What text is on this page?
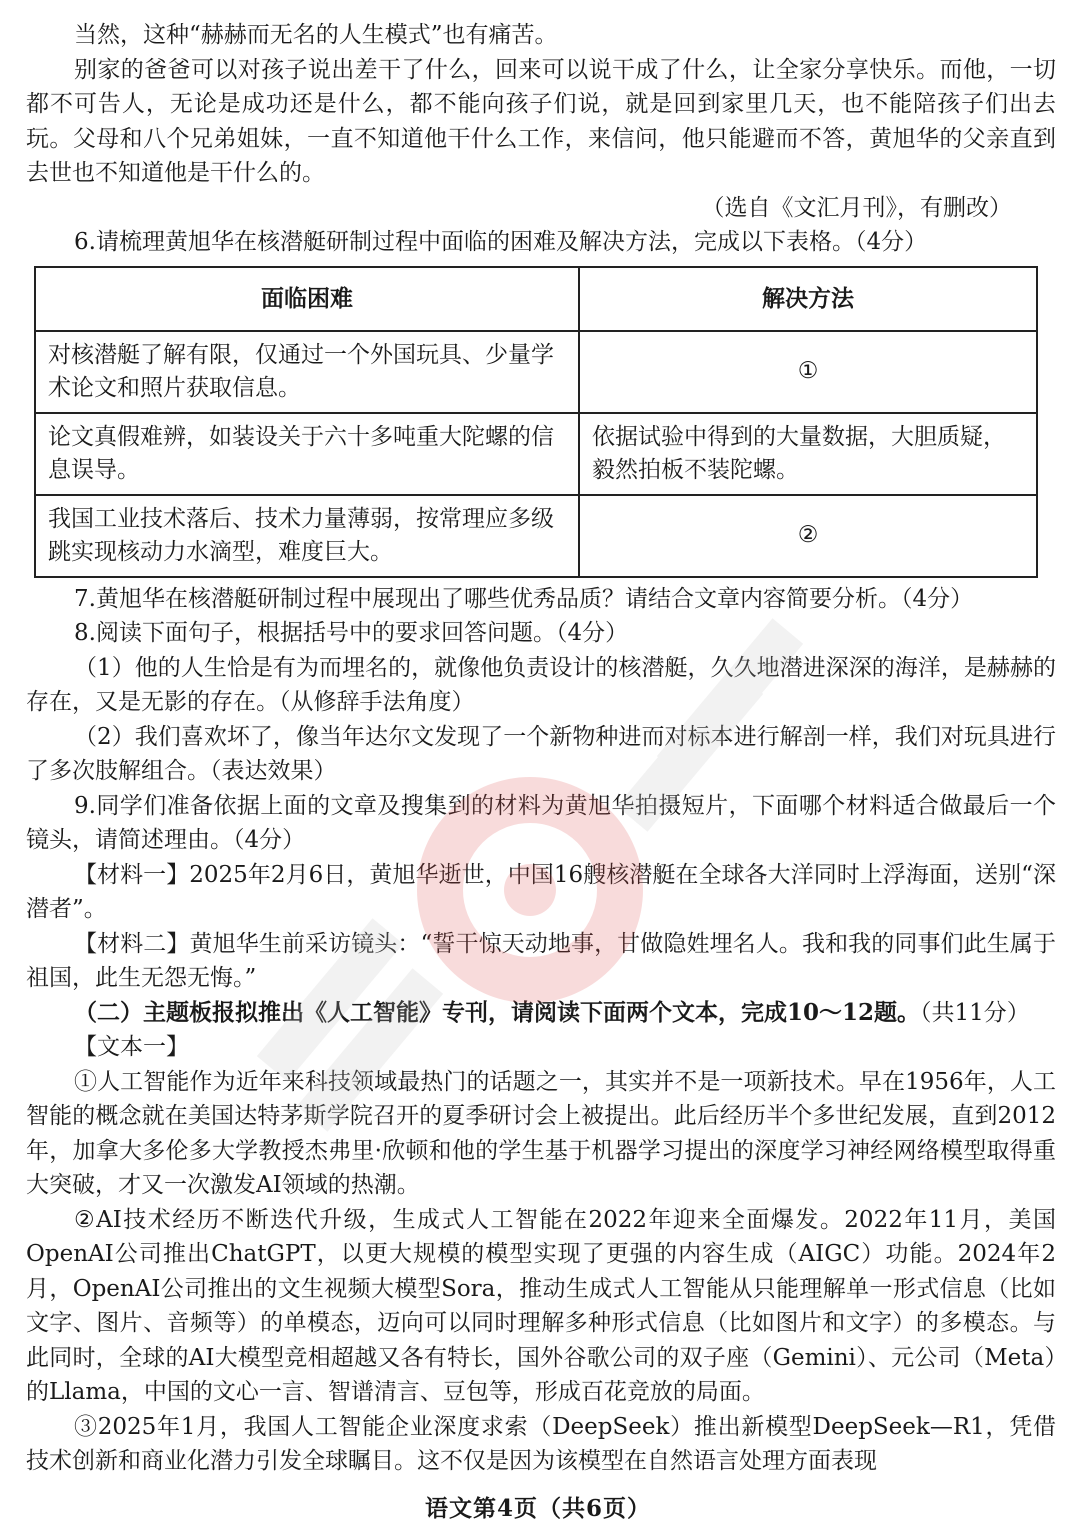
当然，这种“赫赫而无名的人生模式”也有痛苦。

别家的爸爸可以对孩子说出差干了什么，回来可以说干成了什么，让全家分享快乐。而他，一切都不可告人，无论是成功还是什么，都不能向孩子们说，就是回到家里几天，也不能陪孩子们出去玩。父母和八个兄弟姐妹，一直不知道他干什么工作，来信问，他只能避而不答，黄旭华的父亲直到去世也不知道他是干什么的。

（选自《文汇月刊》，有删改）

6.请梳理黄旭华在核潜艇研制过程中面临的困难及解决方法，完成以下表格。（4分）

面临困难	解决方法
对核潜艇了解有限，仅通过一个外国玩具、少量学术论文和照片获取信息。	①
论文真假难辨，如装设关于六十多吨重大陀螺的信息误导。	依据试验中得到的大量数据，大胆质疑，毅然拍板不装陀螺。
我国工业技术落后、技术力量薄弱，按常理应多级跳实现核动力水滴型，难度巨大。	②

7.黄旭华在核潜艇研制过程中展现出了哪些优秀品质？请结合文章内容简要分析。（4分）

8.阅读下面句子，根据括号中的要求回答问题。（4分）

（1）他的人生恰是有为而埋名的，就像他负责设计的核潜艇，久久地潜进深深的海洋，是赫赫的存在，又是无影的存在。（从修辞手法角度）

（2）我们喜欢坏了，像当年达尔文发现了一个新物种进而对标本进行解剖一样，我们对玩具进行了多次肢解组合。（表达效果）

9.同学们准备依据上面的文章及搜集到的材料为黄旭华拍摄短片，下面哪个材料适合做最后一个镜头，请简述理由。（4分）

【材料一】2025年2月6日，黄旭华逝世，中国16艘核潜艇在全球各大洋同时上浮海面，送别“深潜者”。

【材料二】黄旭华生前采访镜头：“誓干惊天动地事，甘做隐姓埋名人。我和我的同事们此生属于祖国，此生无怨无悔。”

（二）主题板报拟推出《人工智能》专刊，请阅读下面两个文本，完成10～12题。（共11分）

【文本一】

①人工智能作为近年来科技领域最热门的话题之一，其实并不是一项新技术。早在1956年，人工智能的概念就在美国达特茅斯学院召开的夏季研讨会上被提出。此后经历半个多世纪发展，直到2012年，加拿大多伦多大学教授杰弗里·欣顿和他的学生基于机器学习提出的深度学习神经网络模型取得重大突破，才又一次激发AI领域的热潮。

②AI技术经历不断迭代升级，生成式人工智能在2022年迎来全面爆发。2022年11月，美国OpenAI公司推出ChatGPT，以更大规模的模型实现了更强的内容生成（AIGC）功能。2024年2月，OpenAI公司推出的文生视频大模型Sora，推动生成式人工智能从只能理解单一形式信息（比如文字、图片、音频等）的单模态，迈向可以同时理解多种形式信息（比如图片和文字）的多模态。与此同时，全球的AI大模型竞相超越又各有特长，国外谷歌公司的双子座（Gemini）、元公司（Meta）的Llama，中国的文心一言、智谱清言、豆包等，形成百花竞放的局面。

③2025年1月，我国人工智能企业深度求索（DeepSeek）推出新模型DeepSeek—R1，凭借技术创新和商业化潜力引发全球瞩目。这不仅是因为该模型在自然语言处理方面表现

语文第4页（共6页）
